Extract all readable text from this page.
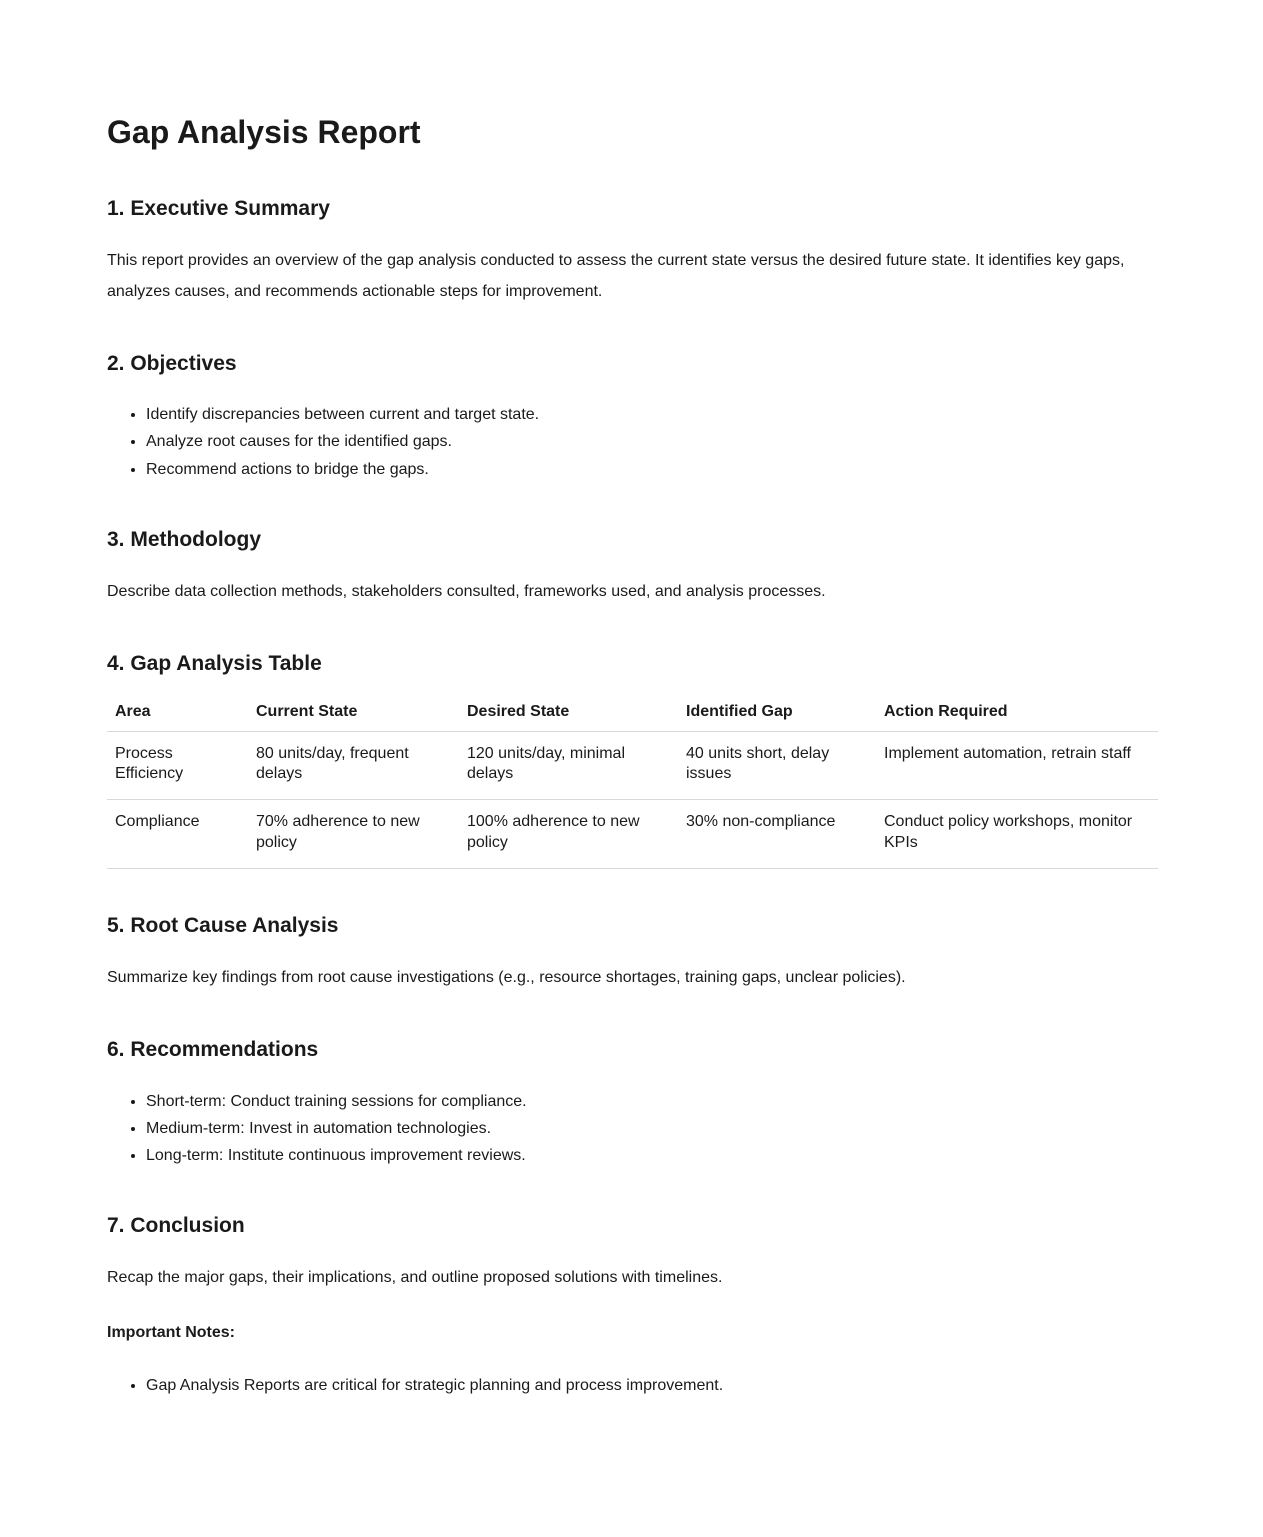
Gap Analysis Report
1. Executive Summary

This report provides an overview of the gap analysis conducted to assess the current state versus the desired future state. It identifies key gaps, analyzes causes, and recommends actionable steps for improvement.

2. Objectives
• Identify discrepancies between current and target state.
• Analyze root causes for the identified gaps.
• Recommend actions to bridge the gaps.
3. Methodology

Describe data collection methods, stakeholders consulted, frameworks used, and analysis processes.

4. Gap Analysis Table
Area	Current State	Desired State	Identified Gap	Action Required
Process Efficiency	80 units/day, frequent delays	120 units/day, minimal delays	40 units short, delay issues	Implement automation, retrain staff
Compliance	70% adherence to new policy	100% adherence to new policy	30% non-compliance	Conduct policy workshops, monitor KPIs
5. Root Cause Analysis

Summarize key findings from root cause investigations (e.g., resource shortages, training gaps, unclear policies).

6. Recommendations
• Short-term: Conduct training sessions for compliance.
• Medium-term: Invest in automation technologies.
• Long-term: Institute continuous improvement reviews.
7. Conclusion

Recap the major gaps, their implications, and outline proposed solutions with timelines.

Important Notes:

• Gap Analysis Reports are critical for strategic planning and process improvement.
